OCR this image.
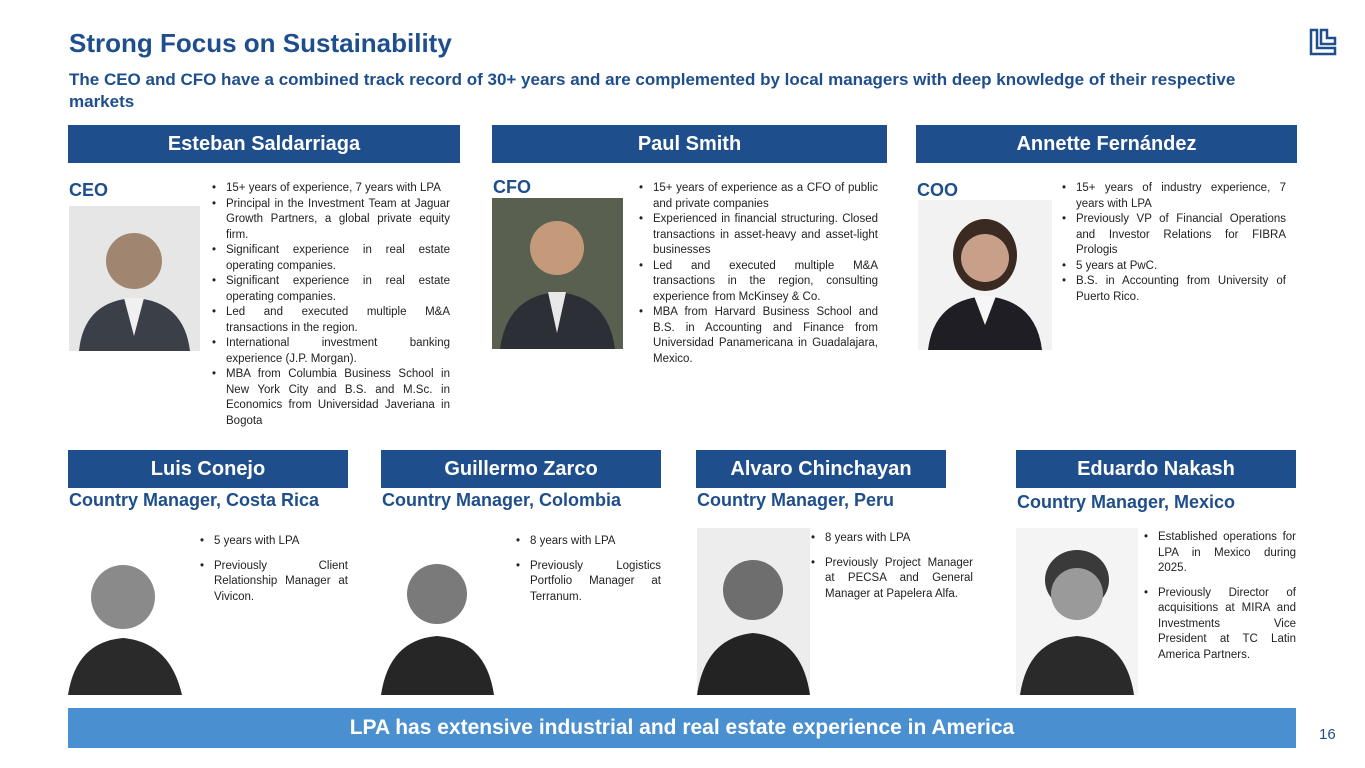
Strong Focus on Sustainability
The CEO and CFO have a combined track record of 30+ years and are complemented by local managers with deep knowledge of their respective markets
Esteban Saldarriaga
CEO	• 15+ years of experience, 7 years with LPA
• Principal in the Investment Team at Jaguar Growth Partners, a global private equity firm.
• Significant experience in real estate operating companies.
• Significant experience in real estate operating companies.
• Led and executed multiple M&A transactions in the region.
• International investment banking experience (J.P. Morgan).
• MBA from Columbia Business School in New York City and B.S. and M.Sc. in Economics from Universidad Javeriana in Bogota
Paul Smith
CFO	• 15+ years of experience as a CFO of public and private companies
• Experienced in financial structuring. Closed transactions in asset-heavy and asset-light businesses
• Led and executed multiple M&A transactions in the region, consulting experience from McKinsey & Co.
• MBA from Harvard Business School and B.S. in Accounting and Finance from Universidad Panamericana in Guadalajara, Mexico.
Annette Fernández
COO	• 15+ years of industry experience, 7 years with LPA
• Previously VP of Financial Operations and Investor Relations for FIBRA Prologis
• 5 years at PwC.
• B.S. in Accounting from University of Puerto Rico.
Luis Conejo
Country Manager, Costa Rica
• 5 years with LPA
• Previously Client Relationship Manager at Vivicon.
Guillermo Zarco
Country Manager, Colombia
• 8 years with LPA
• Previously Logistics Portfolio Manager at Terranum.
Alvaro Chinchayan
Country Manager, Peru
• 8 years with LPA
• Previously Project Manager at PECSA and General Manager at Papelera Alfa.
Eduardo Nakash
Country Manager, Mexico
• Established operations for LPA in Mexico during 2025.
• Previously Director of acquisitions at MIRA and Investments Vice President at TC Latin America Partners.
LPA has extensive industrial and real estate experience in America	16
